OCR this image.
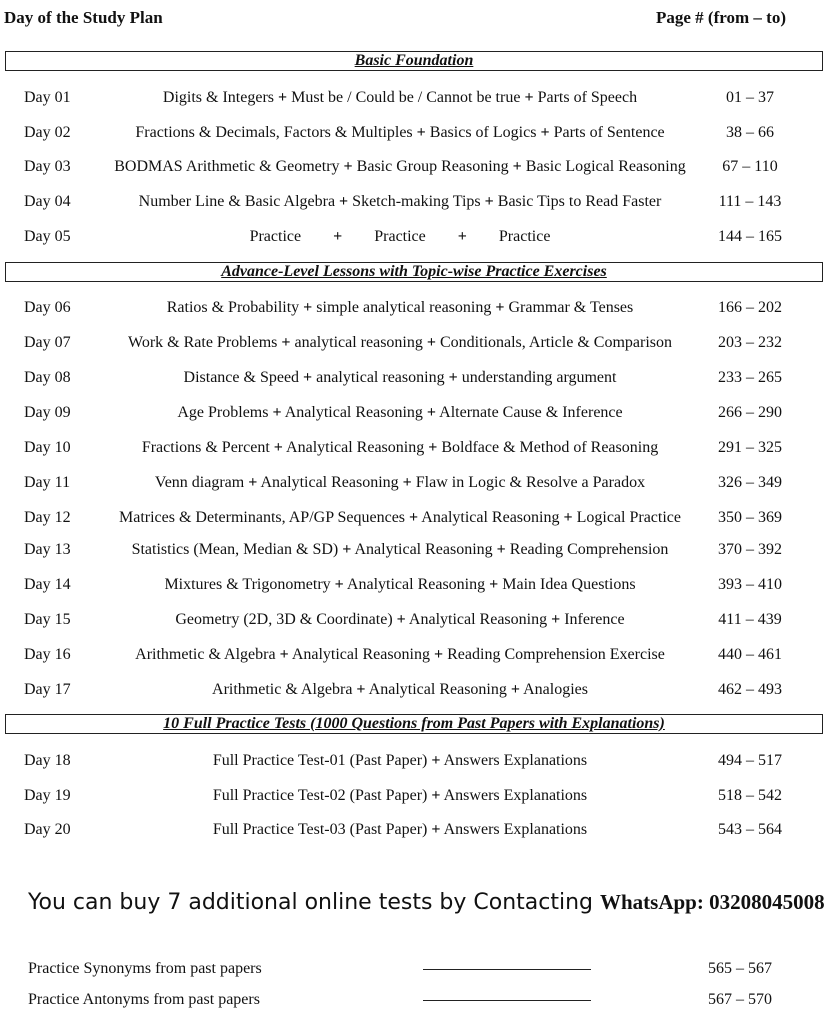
Day of the Study Plan	Page # (from – to)
Basic Foundation
Day 01	Digits & Integers + Must be / Could be / Cannot be true + Parts of Speech	01 – 37
Day 02	Fractions & Decimals, Factors & Multiples + Basics of Logics + Parts of Sentence	38 – 66
Day 03	BODMAS Arithmetic & Geometry + Basic Group Reasoning + Basic Logical Reasoning	67 – 110
Day 04	Number Line & Basic Algebra + Sketch-making Tips + Basic Tips to Read Faster	111 – 143
Day 05	Practice + Practice + Practice	144 – 165
Advance-Level Lessons with Topic-wise Practice Exercises
Day 06	Ratios & Probability + simple analytical reasoning + Grammar & Tenses	166 – 202
Day 07	Work & Rate Problems + analytical reasoning + Conditionals, Article & Comparison	203 – 232
Day 08	Distance & Speed + analytical reasoning + understanding argument	233 – 265
Day 09	Age Problems + Analytical Reasoning + Alternate Cause & Inference	266 – 290
Day 10	Fractions & Percent + Analytical Reasoning + Boldface & Method of Reasoning	291 – 325
Day 11	Venn diagram + Analytical Reasoning + Flaw in Logic & Resolve a Paradox	326 – 349
Day 12	Matrices & Determinants, AP/GP Sequences + Analytical Reasoning + Logical Practice	350 – 369
Day 13	Statistics (Mean, Median & SD) + Analytical Reasoning + Reading Comprehension	370 – 392
Day 14	Mixtures & Trigonometry + Analytical Reasoning + Main Idea Questions	393 – 410
Day 15	Geometry (2D, 3D & Coordinate) + Analytical Reasoning + Inference	411 – 439
Day 16	Arithmetic & Algebra + Analytical Reasoning + Reading Comprehension Exercise	440 – 461
Day 17	Arithmetic & Algebra + Analytical Reasoning + Analogies	462 – 493
10 Full Practice Tests (1000 Questions from Past Papers with Explanations)
Day 18	Full Practice Test-01 (Past Paper) + Answers Explanations	494 – 517
Day 19	Full Practice Test-02 (Past Paper) + Answers Explanations	518 – 542
Day 20	Full Practice Test-03 (Past Paper) + Answers Explanations	543 – 564
You can buy 7 additional online tests by Contacting WhatsApp: 03208045008
Practice Synonyms from past papers	565 – 567
Practice Antonyms from past papers	567 – 570
